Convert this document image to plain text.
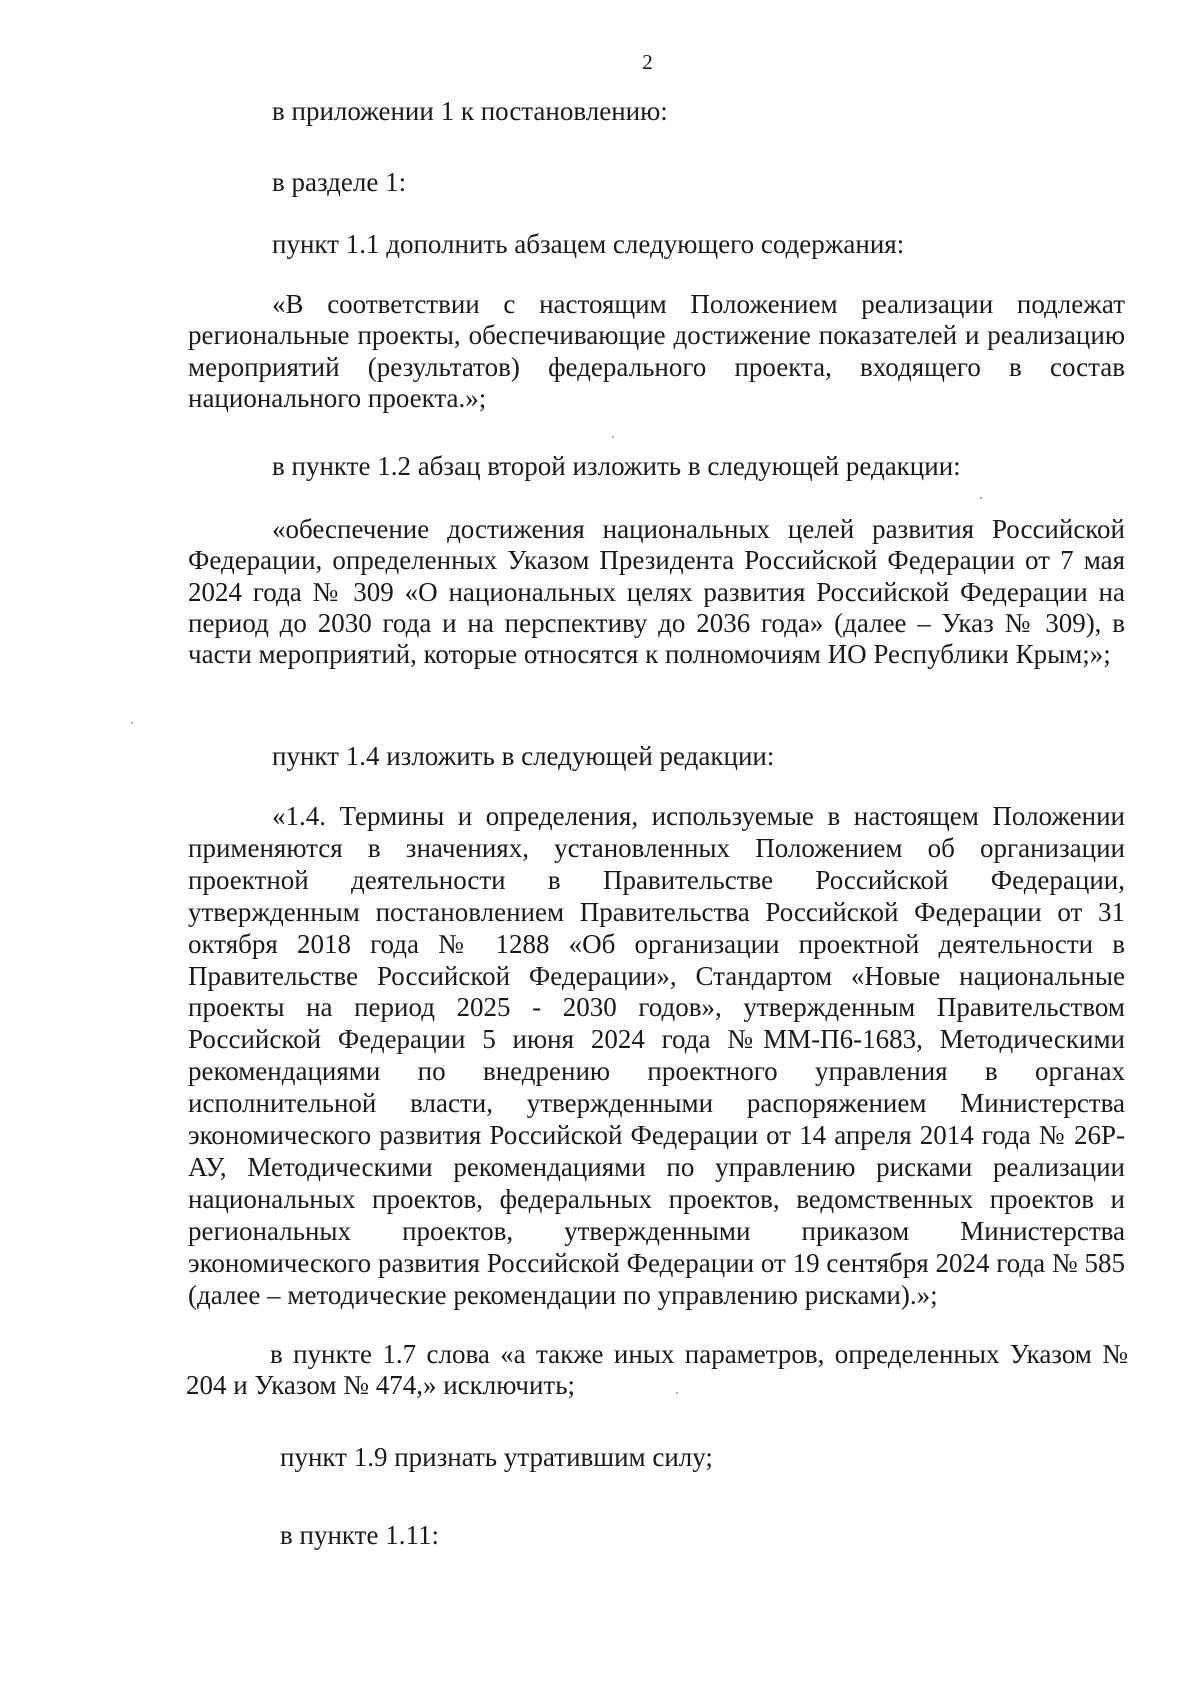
2
в приложении 1 к постановлению:
в разделе 1:
пункт 1.1 дополнить абзацем следующего содержания:

«В соответствии с настоящим Положением реализации подлежат региональные проекты, обеспечивающие достижение показателей и реализацию мероприятий (результатов) федерального проекта, входящего в состав национального проекта.»;

в пункте 1.2 абзац второй изложить в следующей редакции:

«обеспечение достижения национальных целей развития Российской Федерации, определенных Указом Президента Российской Федерации от 7 мая 2024 года № 309 «О национальных целях развития Российской Федерации на период до 2030 года и на перспективу до 2036 года» (далее – Указ № 309), в части мероприятий, которые относятся к полномочиям ИО Республики Крым;»;

пункт 1.4 изложить в следующей редакции:

«1.4. Термины и определения, используемые в настоящем Положении применяются в значениях, установленных Положением об организации проектной деятельности в Правительстве Российской Федерации, утвержденным постановлением Правительства Российской Федерации от 31 октября 2018 года № 1288 «Об организации проектной деятельности в Правительстве Российской Федерации», Стандартом «Новые национальные проекты на период 2025 - 2030 годов», утвержденным Правительством Российской Федерации 5 июня 2024 года №ММ-П6-1683, Методическими рекомендациями по внедрению проектного управления в органах исполнительной власти, утвержденными распоряжением Министерства экономического развития Российской Федерации от 14 апреля 2014 года № 26Р-АУ, Методическими рекомендациями по управлению рисками реализации национальных проектов, федеральных проектов, ведомственных проектов и региональных проектов, утвержденными приказом Министерства экономического развития Российской Федерации от 19 сентября 2024 года № 585 (далее – методические рекомендации по управлению рисками).»;

в пункте 1.7 слова «а также иных параметров, определенных Указом № 204 и Указом № 474,» исключить;

пункт 1.9 признать утратившим силу;
в пункте 1.11:
